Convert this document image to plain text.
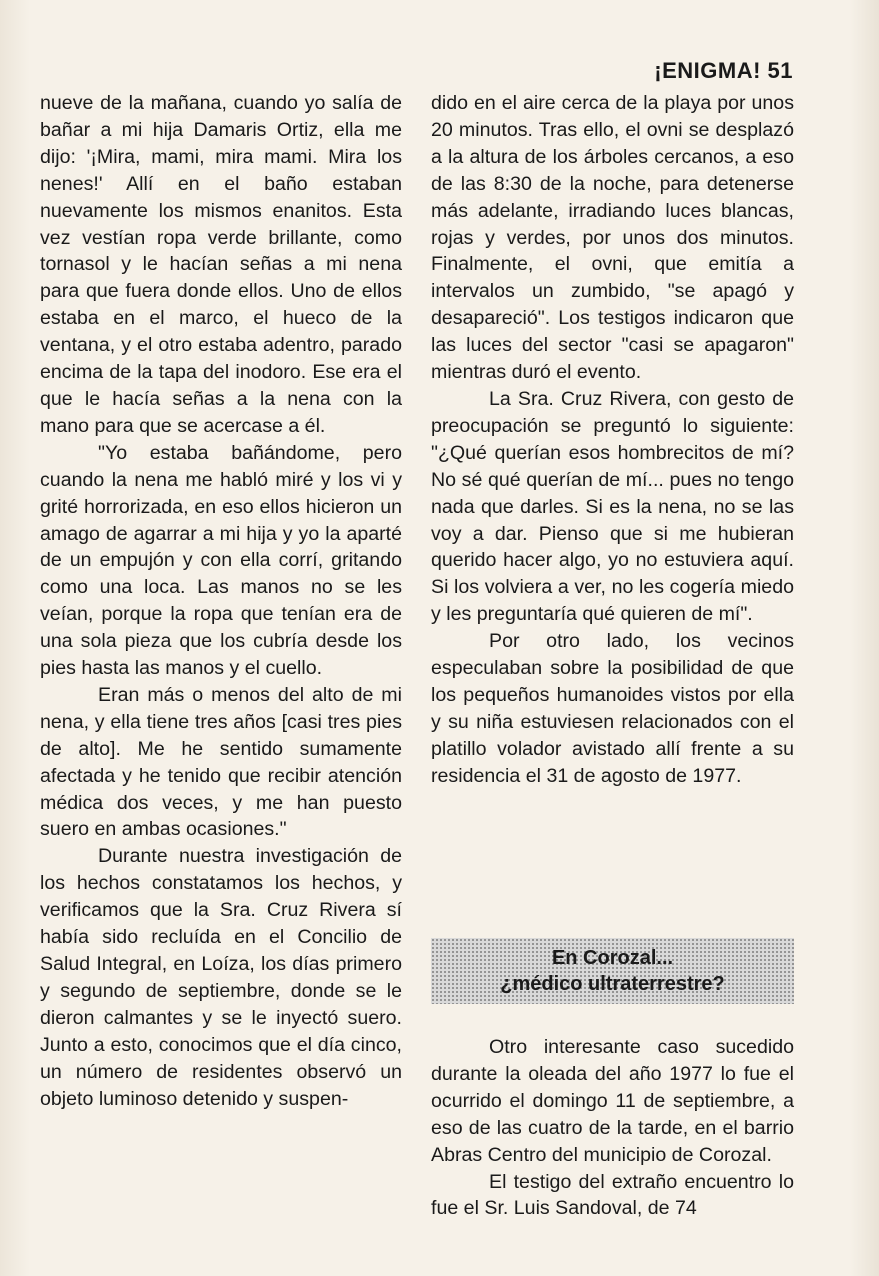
¡ENIGMA! 51

nueve de la mañana, cuando yo salía de bañar a mi hija Damaris Ortiz, ella me dijo: '¡Mira, mami, mira mami. Mira los nenes!' Allí en el baño estaban nuevamente los mismos enanitos. Esta vez vestían ropa verde brillante, como tornasol y le hacían señas a mi nena para que fuera donde ellos. Uno de ellos estaba en el marco, el hueco de la ventana, y el otro estaba adentro, parado encima de la tapa del inodoro. Ese era el que le hacía señas a la nena con la mano para que se acercase a él.

"Yo estaba bañándome, pero cuando la nena me habló miré y los vi y grité horrorizada, en eso ellos hicieron un amago de agarrar a mi hija y yo la aparté de un empujón y con ella corrí, gritando como una loca. Las manos no se les veían, porque la ropa que tenían era de una sola pieza que los cubría desde los pies hasta las manos y el cuello.

Eran más o menos del alto de mi nena, y ella tiene tres años [casi tres pies de alto]. Me he sentido sumamente afectada y he tenido que recibir atención médica dos veces, y me han puesto suero en ambas ocasiones."

Durante nuestra investigación de los hechos constatamos los hechos, y verificamos que la Sra. Cruz Rivera sí había sido recluída en el Concilio de Salud Integral, en Loíza, los días primero y segundo de septiembre, donde se le dieron calmantes y se le inyectó suero. Junto a esto, conocimos que el día cinco, un número de residentes observó un objeto luminoso detenido y suspen-

dido en el aire cerca de la playa por unos 20 minutos. Tras ello, el ovni se desplazó a la altura de los árboles cercanos, a eso de las 8:30 de la noche, para detenerse más adelante, irradiando luces blancas, rojas y verdes, por unos dos minutos. Finalmente, el ovni, que emitía a intervalos un zumbido, "se apagó y desapareció". Los testigos indicaron que las luces del sector "casi se apagaron" mientras duró el evento.

La Sra. Cruz Rivera, con gesto de preocupación se preguntó lo siguiente: "¿Qué querían esos hombrecitos de mí? No sé qué querían de mí... pues no tengo nada que darles. Si es la nena, no se las voy a dar. Pienso que si me hubieran querido hacer algo, yo no estuviera aquí. Si los volviera a ver, no les cogería miedo y les preguntaría qué quieren de mí".

Por otro lado, los vecinos especulaban sobre la posibilidad de que los pequeños humanoides vistos por ella y su niña estuviesen relacionados con el platillo volador avistado allí frente a su residencia el 31 de agosto de 1977.

En Corozal...
¿médico ultraterrestre?

Otro interesante caso sucedido durante la oleada del año 1977 lo fue el ocurrido el domingo 11 de septiembre, a eso de las cuatro de la tarde, en el barrio Abras Centro del municipio de Corozal.

El testigo del extraño encuentro lo fue el Sr. Luis Sandoval, de 74
